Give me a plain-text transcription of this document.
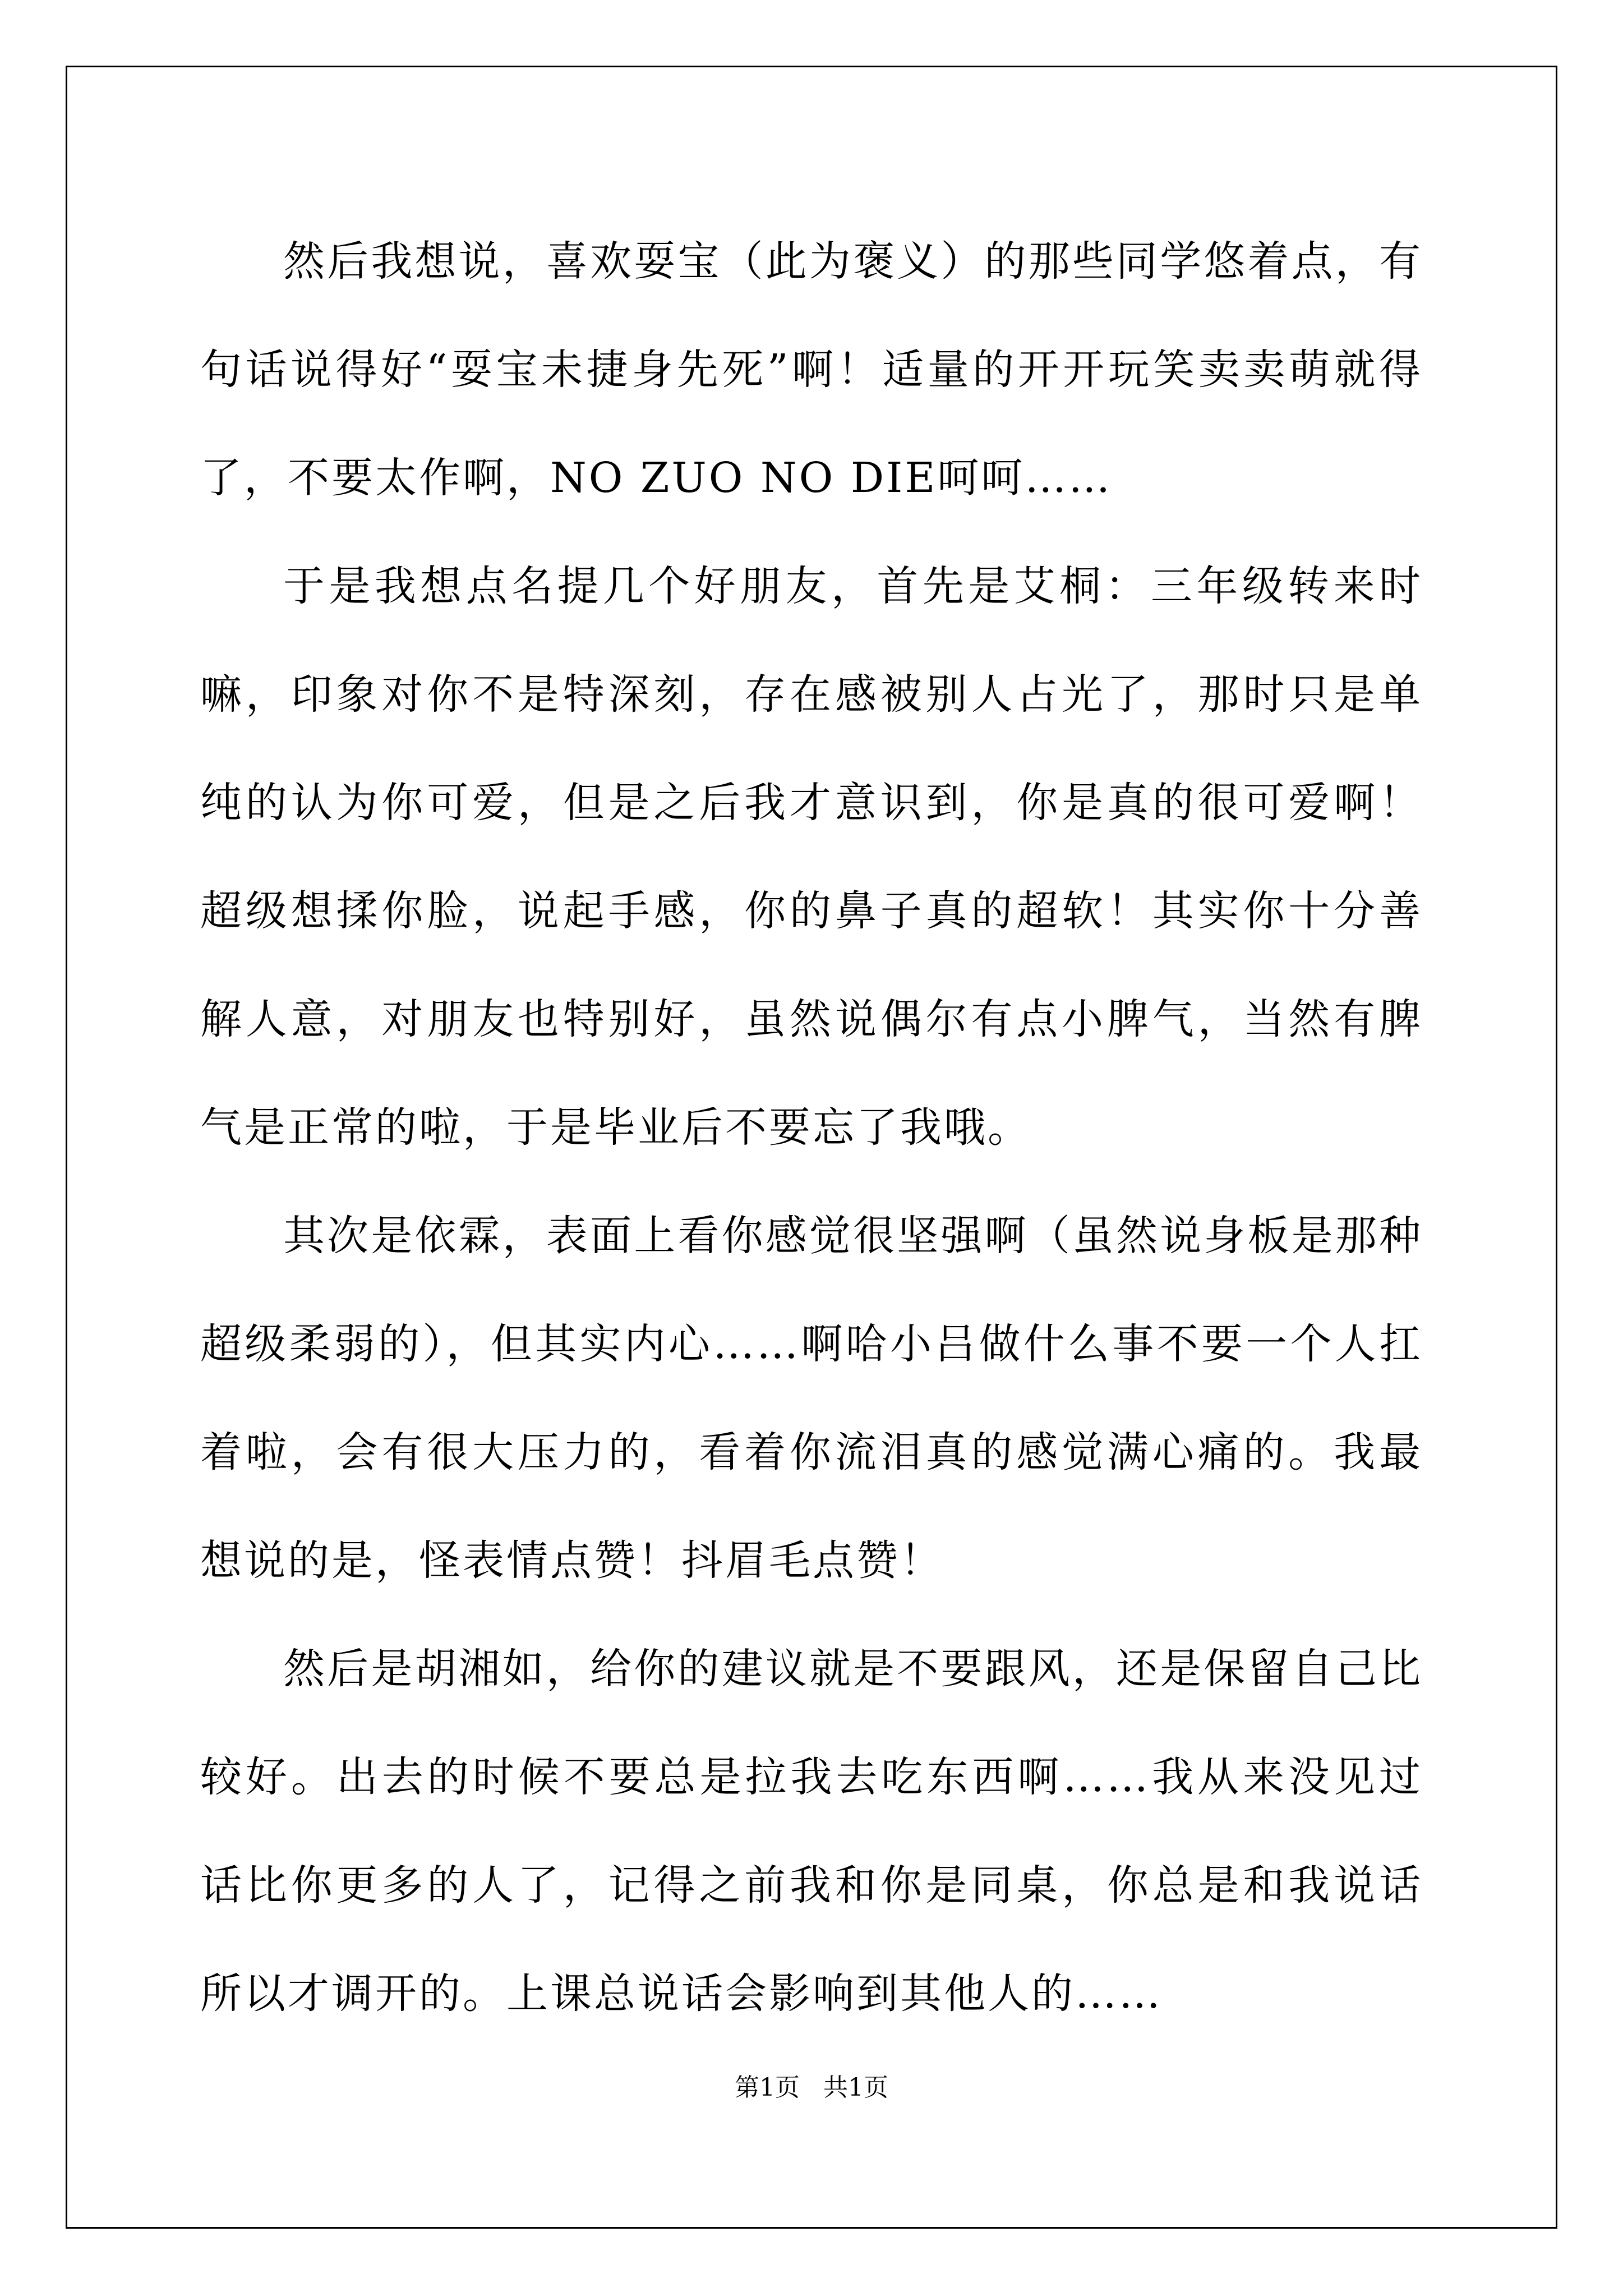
然后我想说，喜欢耍宝（此为褒义）的那些同学悠着点，有句话说得好“耍宝未捷身先死”啊！适量的开开玩笑卖卖萌就得了，不要太作啊，NO ZUO NO DIE呵呵……

于是我想点名提几个好朋友，首先是艾桐：三年级转来时嘛，印象对你不是特深刻，存在感被别人占光了，那时只是单纯的认为你可爱，但是之后我才意识到，你是真的很可爱啊！超级想揉你脸，说起手感，你的鼻子真的超软！其实你十分善解人意，对朋友也特别好，虽然说偶尔有点小脾气，当然有脾气是正常的啦，于是毕业后不要忘了我哦。

其次是依霖，表面上看你感觉很坚强啊（虽然说身板是那种超级柔弱的），但其实内心……啊哈小吕做什么事不要一个人扛着啦，会有很大压力的，看着你流泪真的感觉满心痛的。我最想说的是，怪表情点赞！抖眉毛点赞！

然后是胡湘如，给你的建议就是不要跟风，还是保留自己比较好。出去的时候不要总是拉我去吃东西啊……我从来没见过话比你更多的人了，记得之前我和你是同桌，你总是和我说话所以才调开的。上课总说话会影响到其他人的……

第1页   共1页
